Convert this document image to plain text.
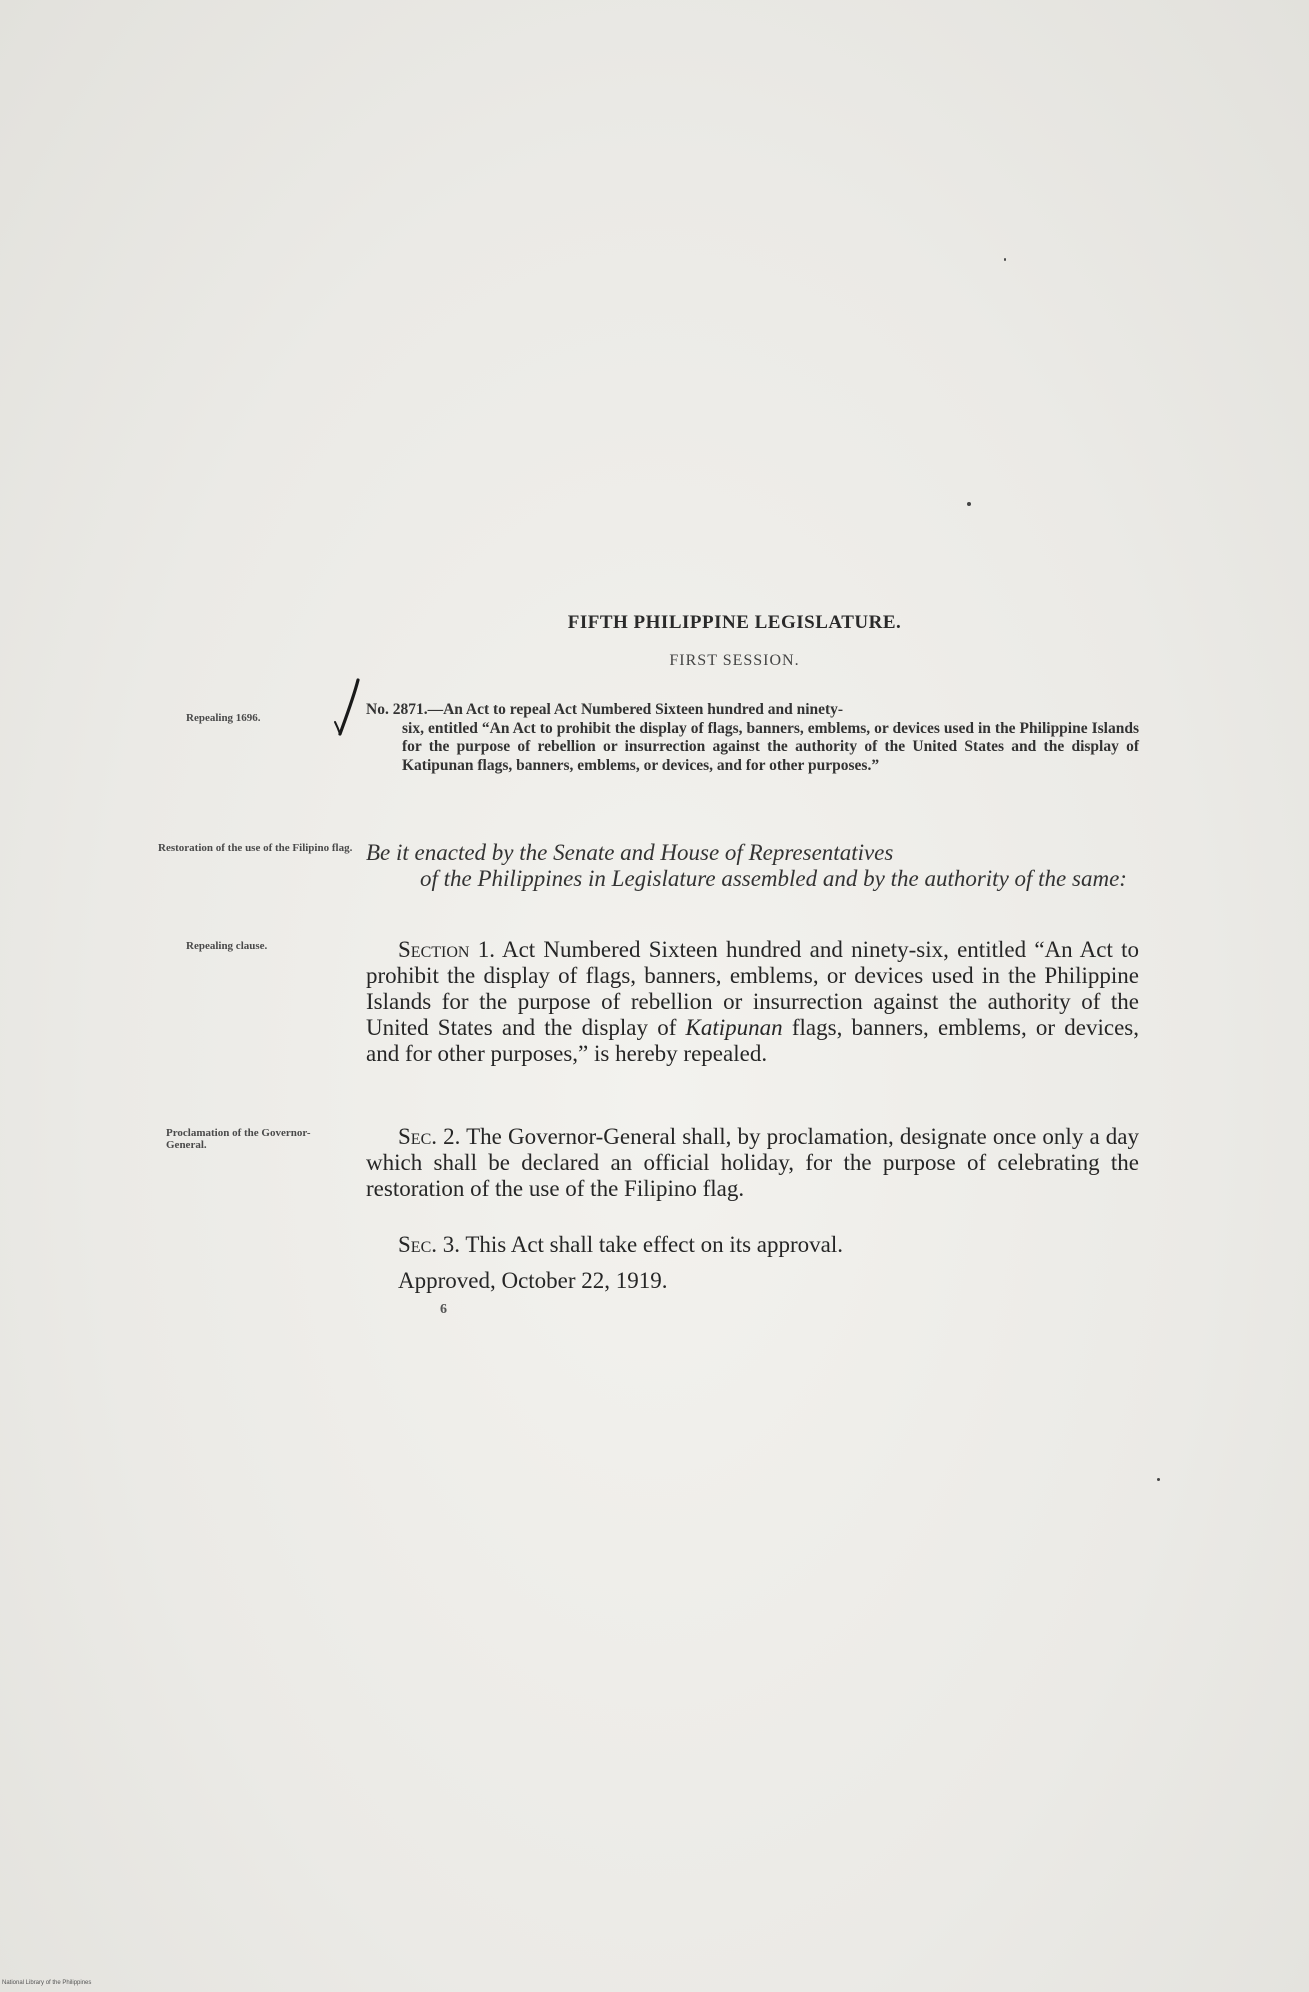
FIFTH PHILIPPINE LEGISLATURE.
FIRST SESSION.
Repealing 1696.
Restoration of the use of the Filipino flag.
Repealing clause.
Proclamation of the Governor-General.
No. 2871.—An Act to repeal Act Numbered Sixteen hundred and ninety-
six, entitled “An Act to prohibit the display of flags, banners, emblems, or devices used in the Philippine Islands for the purpose of rebellion or insurrection against the authority of the United States and the display of Katipunan flags, banners, emblems, or devices, and for other purposes.”
Be it enacted by the Senate and House of Representatives
of the Philippines in Legislature assembled and by the authority of the same:
Section 1. Act Numbered Sixteen hundred and ninety-six, entitled “An Act to prohibit the display of flags, banners, emblems, or devices used in the Philippine Islands for the purpose of rebellion or insurrection against the authority of the United States and the display of Katipunan flags, banners, emblems, or devices, and for other purposes,” is hereby repealed.
Sec. 2. The Governor-General shall, by proclamation, designate once only a day which shall be declared an official holiday, for the purpose of celebrating the restoration of the use of the Filipino flag.
Sec. 3. This Act shall take effect on its approval.
Approved, October 22, 1919.
6
National Library of the Philippines
